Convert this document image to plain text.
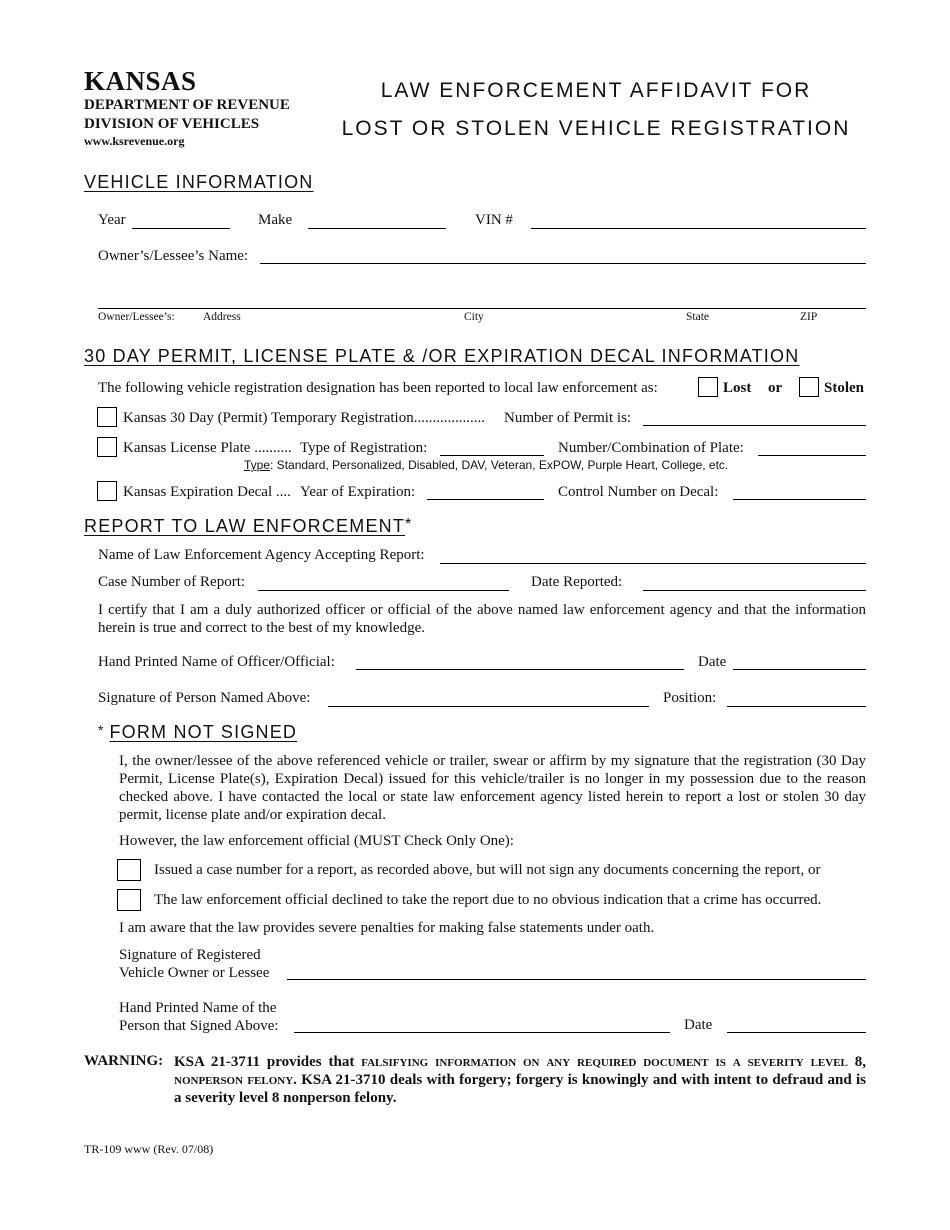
KANSAS
DEPARTMENT OF REVENUE
DIVISION OF VEHICLES
www.ksrevenue.org
LAW ENFORCEMENT AFFIDAVIT FOR
LOST OR STOLEN VEHICLE REGISTRATION
VEHICLE INFORMATION
Year	Make	VIN #
Owner’s/Lessee’s Name:
Owner/Lessee’s: Address	City	State	ZIP
30 DAY PERMIT, LICENSE PLATE & /OR EXPIRATION DECAL INFORMATION
The following vehicle registration designation has been reported to local law enforcement as:	Lost or	Stolen
Kansas 30 Day (Permit) Temporary Registration................... Number of Permit is:
Kansas License Plate .......... Type of Registration:	Number/Combination of Plate:
Type: Standard, Personalized, Disabled, DAV, Veteran, ExPOW, Purple Heart, College, etc.
Kansas Expiration Decal .... Year of Expiration:	Control Number on Decal:
REPORT TO LAW ENFORCEMENT*
Name of Law Enforcement Agency Accepting Report:
Case Number of Report:	Date Reported:
I certify that I am a duly authorized officer or official of the above named law enforcement agency and that the information herein is true and correct to the best of my knowledge.
Hand Printed Name of Officer/Official:	Date
Signature of Person Named Above:	Position:
* FORM NOT SIGNED
I, the owner/lessee of the above referenced vehicle or trailer, swear or affirm by my signature that the registration (30 Day Permit, License Plate(s), Expiration Decal) issued for this vehicle/trailer is no longer in my possession due to the reason checked above. I have contacted the local or state law enforcement agency listed herein to report a lost or stolen 30 day permit, license plate and/or expiration decal.
However, the law enforcement official (MUST Check Only One):
Issued a case number for a report, as recorded above, but will not sign any documents concerning the report, or
The law enforcement official declined to take the report due to no obvious indication that a crime has occurred.
I am aware that the law provides severe penalties for making false statements under oath.
Signature of Registered
Vehicle Owner or Lessee
Hand Printed Name of the
Person that Signed Above:	Date
WARNING: KSA 21-3711 provides that falsifying information on any required document is a severity level 8, nonperson felony. KSA 21-3710 deals with forgery; forgery is knowingly and with intent to defraud and is a severity level 8 nonperson felony.
TR-109 www (Rev. 07/08)
